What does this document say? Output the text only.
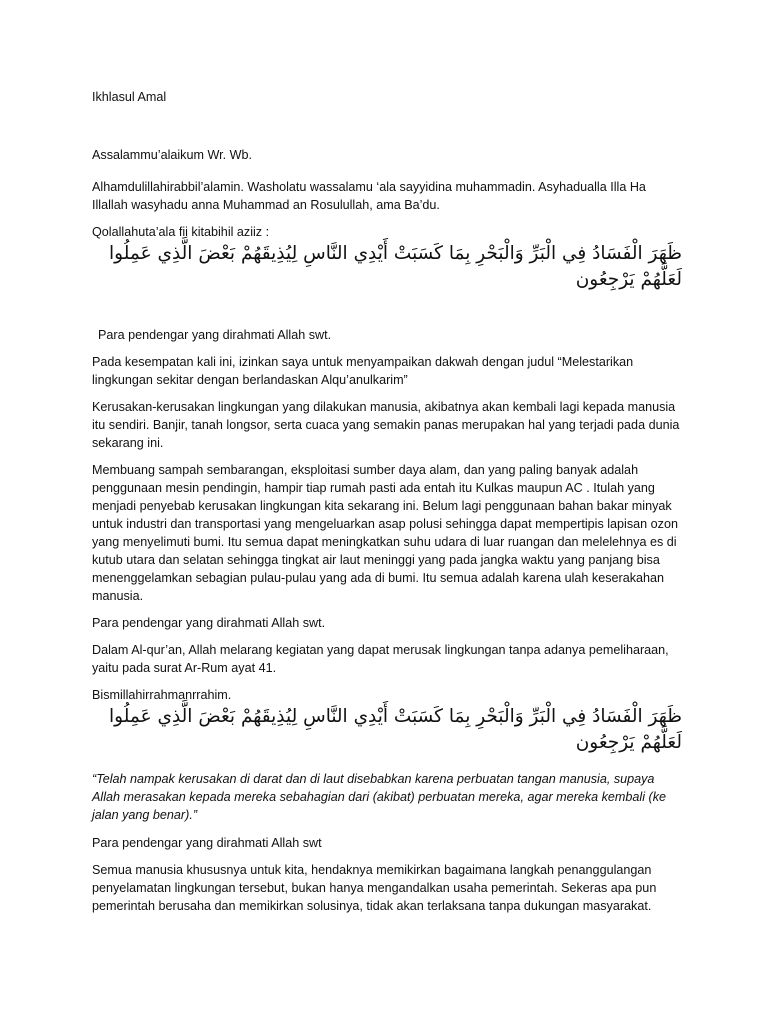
Ikhlasul Amal

Assalammu’alaikum Wr. Wb.

Alhamdulillahirabbil’alamin. Washolatu wassalamu ‘ala sayyidina muhammadin. Asyhadualla Illa Ha Illallah wasyhadu anna Muhammad an Rosulullah, ama Ba’du.

Qolallahuta’ala fii kitabihil aziiz :

ظَهَرَ الْفَسَادُ فِي الْبَرِّ وَالْبَحْرِ بِمَا كَسَبَتْ أَيْدِي النَّاسِ لِيُذِيقَهُمْ بَعْضَ الَّذِي عَمِلُوا لَعَلَّهُمْ يَرْجِعُون

Para pendengar yang dirahmati Allah swt.

Pada kesempatan kali ini, izinkan saya untuk menyampaikan dakwah dengan judul “Melestarikan lingkungan sekitar dengan berlandaskan Alqu’anulkarim”

Kerusakan-kerusakan lingkungan yang dilakukan manusia, akibatnya akan kembali lagi kepada manusia itu sendiri. Banjir, tanah longsor, serta cuaca yang semakin panas merupakan hal yang terjadi pada dunia sekarang ini.

Membuang sampah sembarangan, eksploitasi sumber daya alam, dan yang paling banyak adalah penggunaan mesin pendingin, hampir tiap rumah pasti ada entah itu Kulkas maupun AC . Itulah yang menjadi penyebab kerusakan lingkungan kita sekarang ini. Belum lagi penggunaan bahan bakar minyak untuk industri dan transportasi yang mengeluarkan asap polusi sehingga dapat mempertipis lapisan ozon yang menyelimuti bumi. Itu semua dapat meningkatkan suhu udara di luar ruangan dan melelehnya es di kutub utara dan selatan sehingga tingkat air laut meninggi yang pada jangka waktu yang panjang bisa menenggelamkan sebagian pulau-pulau yang ada di bumi. Itu semua adalah karena ulah keserakahan manusia.

Para pendengar yang dirahmati Allah swt.

Dalam Al-qur’an, Allah melarang kegiatan yang dapat merusak lingkungan tanpa adanya pemeliharaan, yaitu pada surat Ar-Rum ayat 41.

Bismillahirrahmanrrahim.

ظَهَرَ الْفَسَادُ فِي الْبَرِّ وَالْبَحْرِ بِمَا كَسَبَتْ أَيْدِي النَّاسِ لِيُذِيقَهُمْ بَعْضَ الَّذِي عَمِلُوا لَعَلَّهُمْ يَرْجِعُون

“Telah nampak kerusakan di darat dan di laut disebabkan karena perbuatan tangan manusia, supaya Allah merasakan kepada mereka sebahagian dari (akibat) perbuatan mereka, agar mereka kembali (ke jalan yang benar).”

Para pendengar yang dirahmati Allah swt

Semua manusia khususnya untuk kita, hendaknya memikirkan bagaimana langkah penanggulangan penyelamatan lingkungan tersebut, bukan hanya mengandalkan usaha pemerintah. Sekeras apa pun pemerintah berusaha dan memikirkan solusinya, tidak akan terlaksana tanpa dukungan masyarakat.
